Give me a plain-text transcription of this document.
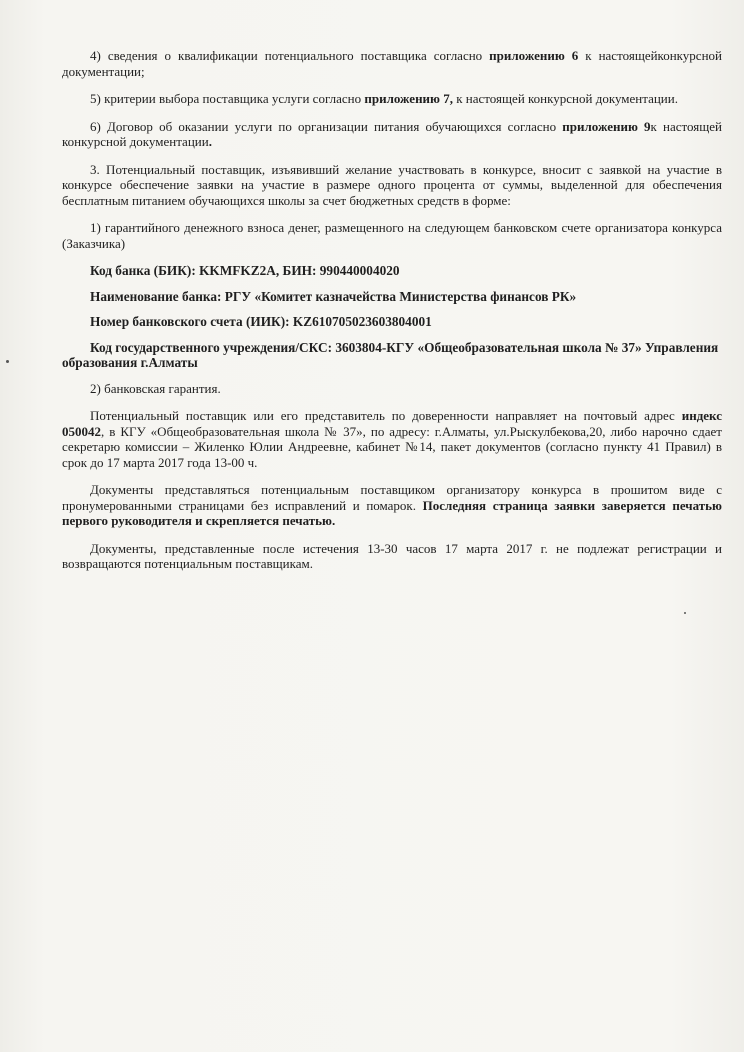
4) сведения о квалификации потенциального поставщика согласно приложению 6 к настоящейконкурсной документации;

5) критерии выбора поставщика услуги согласно приложению 7, к настоящей конкурсной документации.

6) Договор об оказании услуги по организации питания обучающихся согласно приложению 9к настоящей конкурсной документации.

3. Потенциальный поставщик, изъявивший желание участвовать в конкурсе, вносит с заявкой на участие в конкурсе обеспечение заявки на участие в размере одного процента от суммы, выделенной для обеспечения бесплатным питанием обучающихся школы за счет бюджетных средств в форме:

1) гарантийного денежного взноса денег, размещенного на следующем банковском счете организатора конкурса (Заказчика)

Код банка (БИК): KKMFKZ2A, БИН: 990440004020

Наименование банка: РГУ «Комитет казначейства Министерства финансов РК»

Номер банковского счета (ИИК): KZ610705023603804001

Код государственного учреждения/СКС: 3603804-КГУ «Общеобразовательная школа № 37» Управления образования г.Алматы

2) банковская гарантия.

Потенциальный поставщик или его представитель по доверенности направляет на почтовый адрес индекс 050042, в КГУ «Общеобразовательная школа № 37», по адресу: г.Алматы, ул.Рыскулбекова,20, либо нарочно сдает секретарю комиссии – Жиленко Юлии Андреевне, кабинет №14, пакет документов (согласно пункту 41 Правил) в срок до 17 марта 2017 года 13-00 ч.

Документы представляться потенциальным поставщиком организатору конкурса в прошитом виде с пронумерованными страницами без исправлений и помарок. Последняя страница заявки заверяется печатью первого руководителя и скрепляется печатью.

Документы, представленные после истечения 13-30 часов 17 марта 2017 г. не подлежат регистрации и возвращаются потенциальным поставщикам.
